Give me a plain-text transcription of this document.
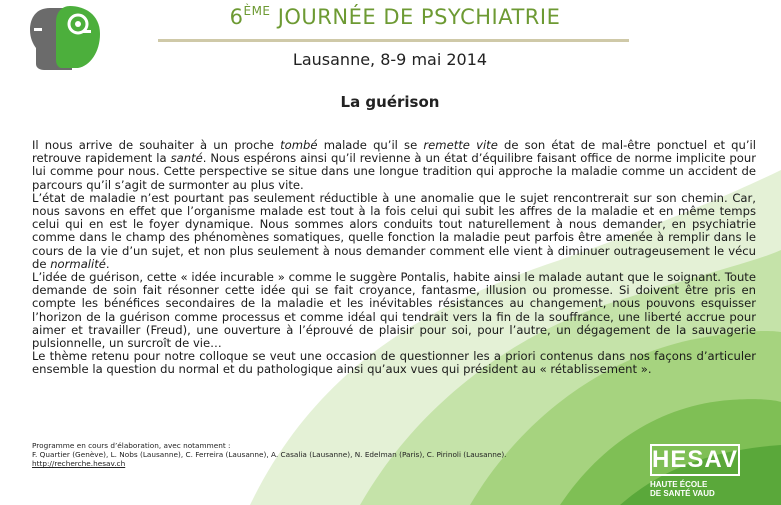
6ÈME JOURNÉE DE PSYCHIATRIE
Lausanne, 8-9 mai 2014
La guérison

Il nous arrive de souhaiter à un proche tombé malade qu’il se remette vite de son état de mal-être ponctuel et qu’il retrouve rapidement la santé. Nous espérons ainsi qu’il revienne à un état d’équilibre faisant office de norme implicite pour lui comme pour nous. Cette perspective se situe dans une longue tradition qui approche la maladie comme un accident de parcours qu’il s’agit de surmonter au plus vite.

L’état de maladie n’est pourtant pas seulement réductible à une anomalie que le sujet rencontrerait sur son chemin. Car, nous savons en effet que l’organisme malade est tout à la fois celui qui subit les affres de la maladie et en même temps celui qui en est le foyer dynamique. Nous sommes alors conduits tout naturellement à nous demander, en psychiatrie comme dans le champ des phénomènes somatiques, quelle fonction la maladie peut parfois être amenée à remplir dans le cours de la vie d’un sujet, et non plus seulement à nous demander comment elle vient à diminuer outrageusement le vécu de normalité.

L’idée de guérison, cette « idée incurable » comme le suggère Pontalis, habite ainsi le malade autant que le soignant. Toute demande de soin fait résonner cette idée qui se fait croyance, fantasme, illusion ou promesse. Si doivent être pris en compte les bénéfices secondaires de la maladie et les inévitables résistances au changement, nous pouvons esquisser l’horizon de la guérison comme processus et comme idéal qui tendrait vers la fin de la souffrance, une liberté accrue pour aimer et travailler (Freud), une ouverture à l’éprouvé de plaisir pour soi, pour l’autre, un dégagement de la sauvagerie pulsionnelle, un surcroît de vie…

Le thème retenu pour notre colloque se veut une occasion de questionner les a priori contenus dans nos façons d’articuler ensemble la question du normal et du pathologique ainsi qu’aux vues qui président au « rétablissement ».

Programme en cours d’élaboration, avec notamment :
F. Quartier (Genève), L. Nobs (Lausanne), C. Ferreira (Lausanne), A. Casalia (Lausanne), N. Edelman (Paris), C. Pirinoli (Lausanne).
http://recherche.hesav.ch	HESAV
HAUTE ÉCOLE
DE SANTÉ VAUD
